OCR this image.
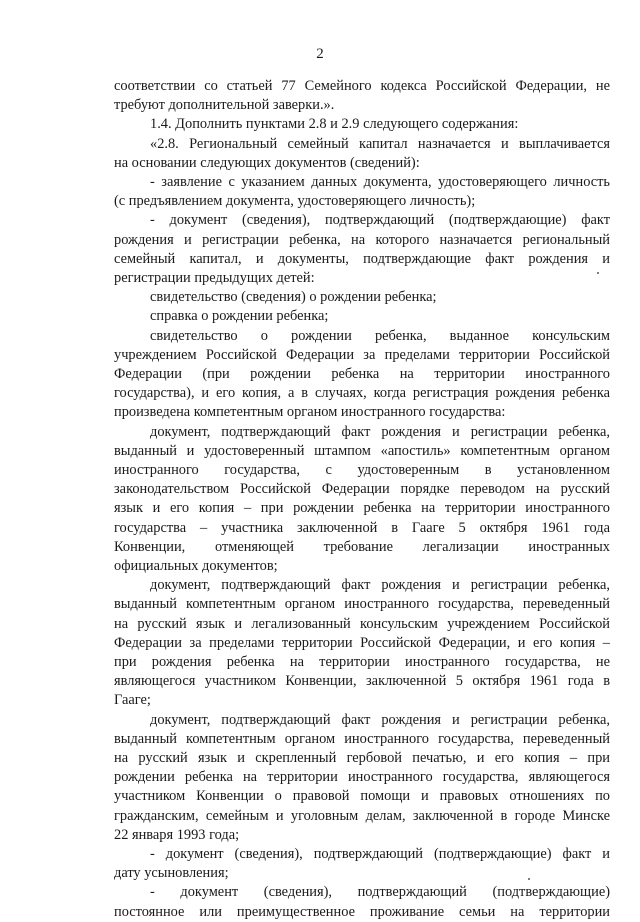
2
соответствии со статьей 77 Семейного кодекса Российской Федерации, не
требуют дополнительной заверки.».
1.4. Дополнить пунктами 2.8 и 2.9 следующего содержания:
«2.8. Региональный семейный капитал назначается и выплачивается
на основании следующих документов (сведений):
- заявление с указанием данных документа, удостоверяющего личность
(с предъявлением документа, удостоверяющего личность);
- документ (сведения), подтверждающий (подтверждающие) факт
рождения и регистрации ребенка, на которого назначается региональный
семейный капитал, и документы, подтверждающие факт рождения и
регистрации предыдущих детей:
свидетельство (сведения) о рождении ребенка;
справка о рождении ребенка;
свидетельство о рождении ребенка, выданное консульским
учреждением Российской Федерации за пределами территории Российской
Федерации (при рождении ребенка на территории иностранного
государства), и его копия, а в случаях, когда регистрация рождения ребенка
произведена компетентным органом иностранного государства:
документ, подтверждающий факт рождения и регистрации ребенка,
выданный и удостоверенный штампом «апостиль» компетентным органом
иностранного государства, с удостоверенным в установленном
законодательством Российской Федерации порядке переводом на русский
язык и его копия – при рождении ребенка на территории иностранного
государства – участника заключенной в Гааге 5 октября 1961 года
Конвенции, отменяющей требование легализации иностранных
официальных документов;
документ, подтверждающий факт рождения и регистрации ребенка,
выданный компетентным органом иностранного государства, переведенный
на русский язык и легализованный консульским учреждением Российской
Федерации за пределами территории Российской Федерации, и его копия –
при рождения ребенка на территории иностранного государства, не
являющегося участником Конвенции, заключенной 5 октября 1961 года в
Гааге;
документ, подтверждающий факт рождения и регистрации ребенка,
выданный компетентным органом иностранного государства, переведенный
на русский язык и скрепленный гербовой печатью, и его копия – при
рождении ребенка на территории иностранного государства, являющегося
участником Конвенции о правовой помощи и правовых отношениях по
гражданским, семейным и уголовным делам, заключенной в городе Минске
22 января 1993 года;
- документ (сведения), подтверждающий (подтверждающие) факт и
дату усыновления;
- документ (сведения), подтверждающий (подтверждающие)
постоянное или преимущественное проживание семьи на территории
